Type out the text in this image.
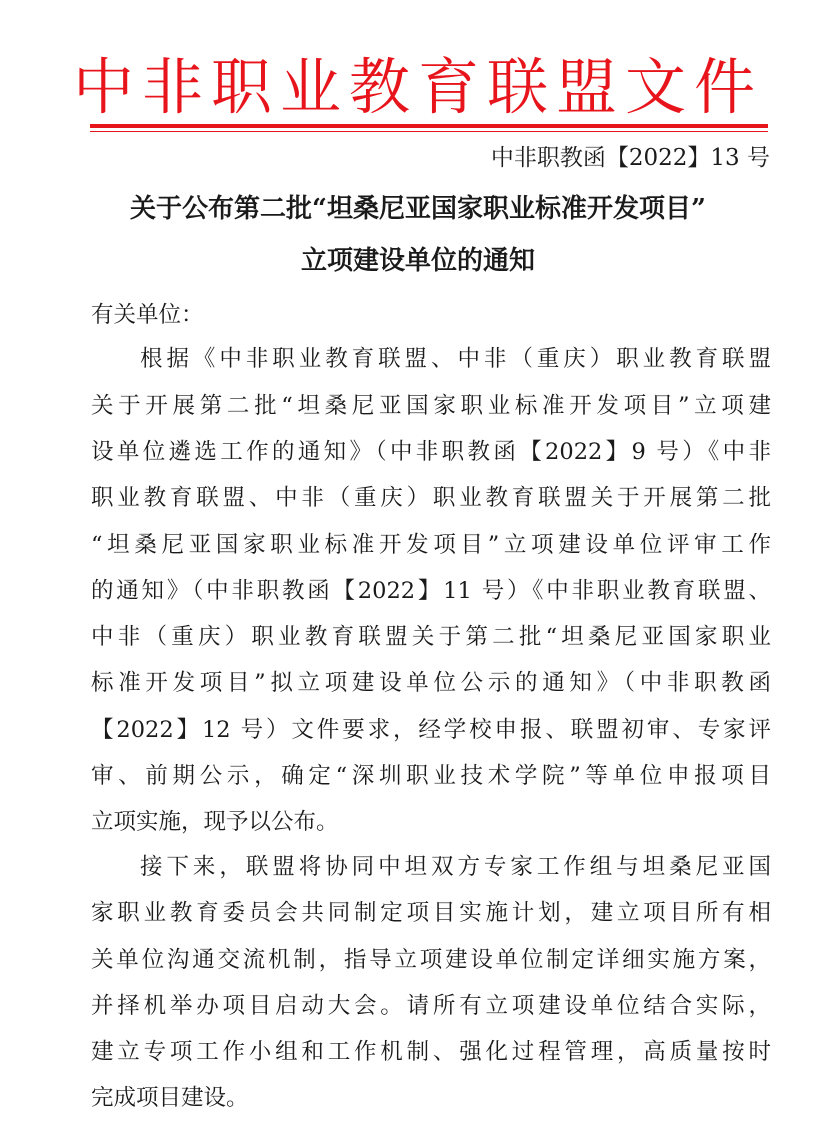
中非职业教育联盟文件
中非职教函【2022】13 号
关于公布第二批“坦桑尼亚国家职业标准开发项目”
立项建设单位的通知
有关单位：
根据《中非职业教育联盟、中非（重庆）职业教育联盟
关于开展第二批“坦桑尼亚国家职业标准开发项目”立项建
设单位遴选工作的通知》（中非职教函【2022】9 号）《中非
职业教育联盟、中非（重庆）职业教育联盟关于开展第二批
“坦桑尼亚国家职业标准开发项目”立项建设单位评审工作
的通知》（中非职教函【2022】11 号）《中非职业教育联盟、
中非（重庆）职业教育联盟关于第二批“坦桑尼亚国家职业
标准开发项目”拟立项建设单位公示的通知》（中非职教函
【2022】12 号）文件要求，经学校申报、联盟初审、专家评
审、前期公示，确定“深圳职业技术学院”等单位申报项目
立项实施，现予以公布。
接下来，联盟将协同中坦双方专家工作组与坦桑尼亚国
家职业教育委员会共同制定项目实施计划，建立项目所有相
关单位沟通交流机制，指导立项建设单位制定详细实施方案，
并择机举办项目启动大会。请所有立项建设单位结合实际，
建立专项工作小组和工作机制、强化过程管理，高质量按时
完成项目建设。
